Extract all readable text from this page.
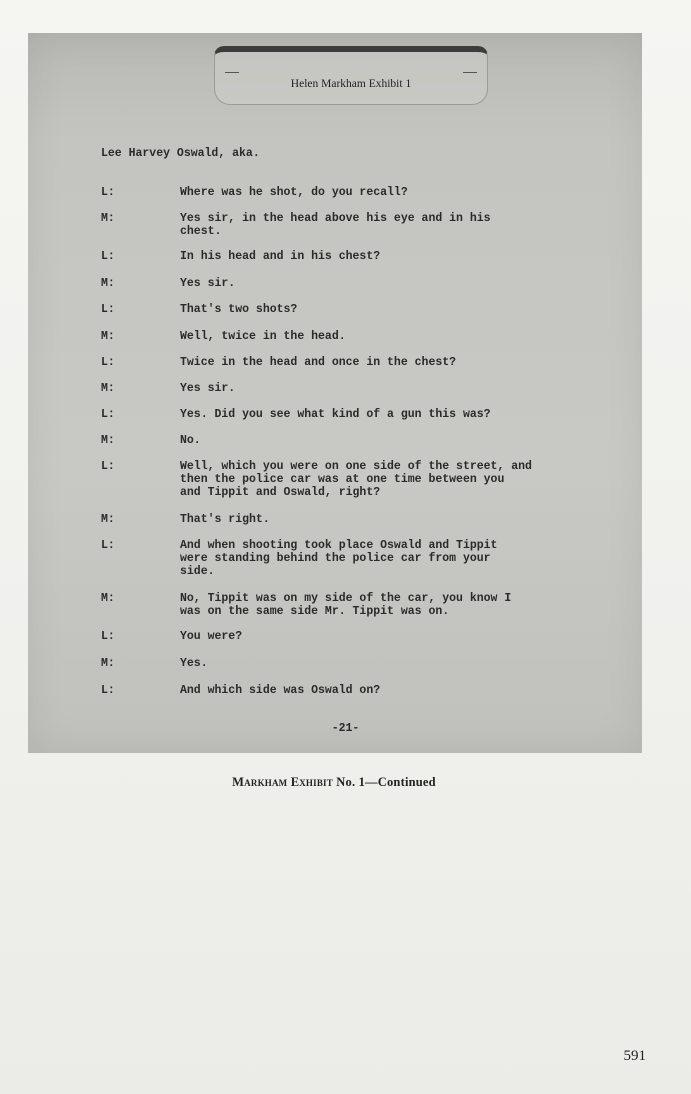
Helen Markham Exhibit 1
Lee Harvey Oswald, aka.
L:	Where was he shot, do you recall?
M:	Yes sir, in the head above his eye and in his
chest.
L:	In his head and in his chest?
M:	Yes sir.
L:	That's two shots?
M:	Well, twice in the head.
L:	Twice in the head and once in the chest?
M:	Yes sir.
L:	Yes. Did you see what kind of a gun this was?
M:	No.
L:	Well, which you were on one side of the street, and
then the police car was at one time between you
and Tippit and Oswald, right?
M:	That's right.
L:	And when shooting took place Oswald and Tippit
were standing behind the police car from your
side.
M:	No, Tippit was on my side of the car, you know I
was on the same side Mr. Tippit was on.
L:	You were?
M:	Yes.
L:	And which side was Oswald on?
-21-
Markham Exhibit No. 1—Continued
591
